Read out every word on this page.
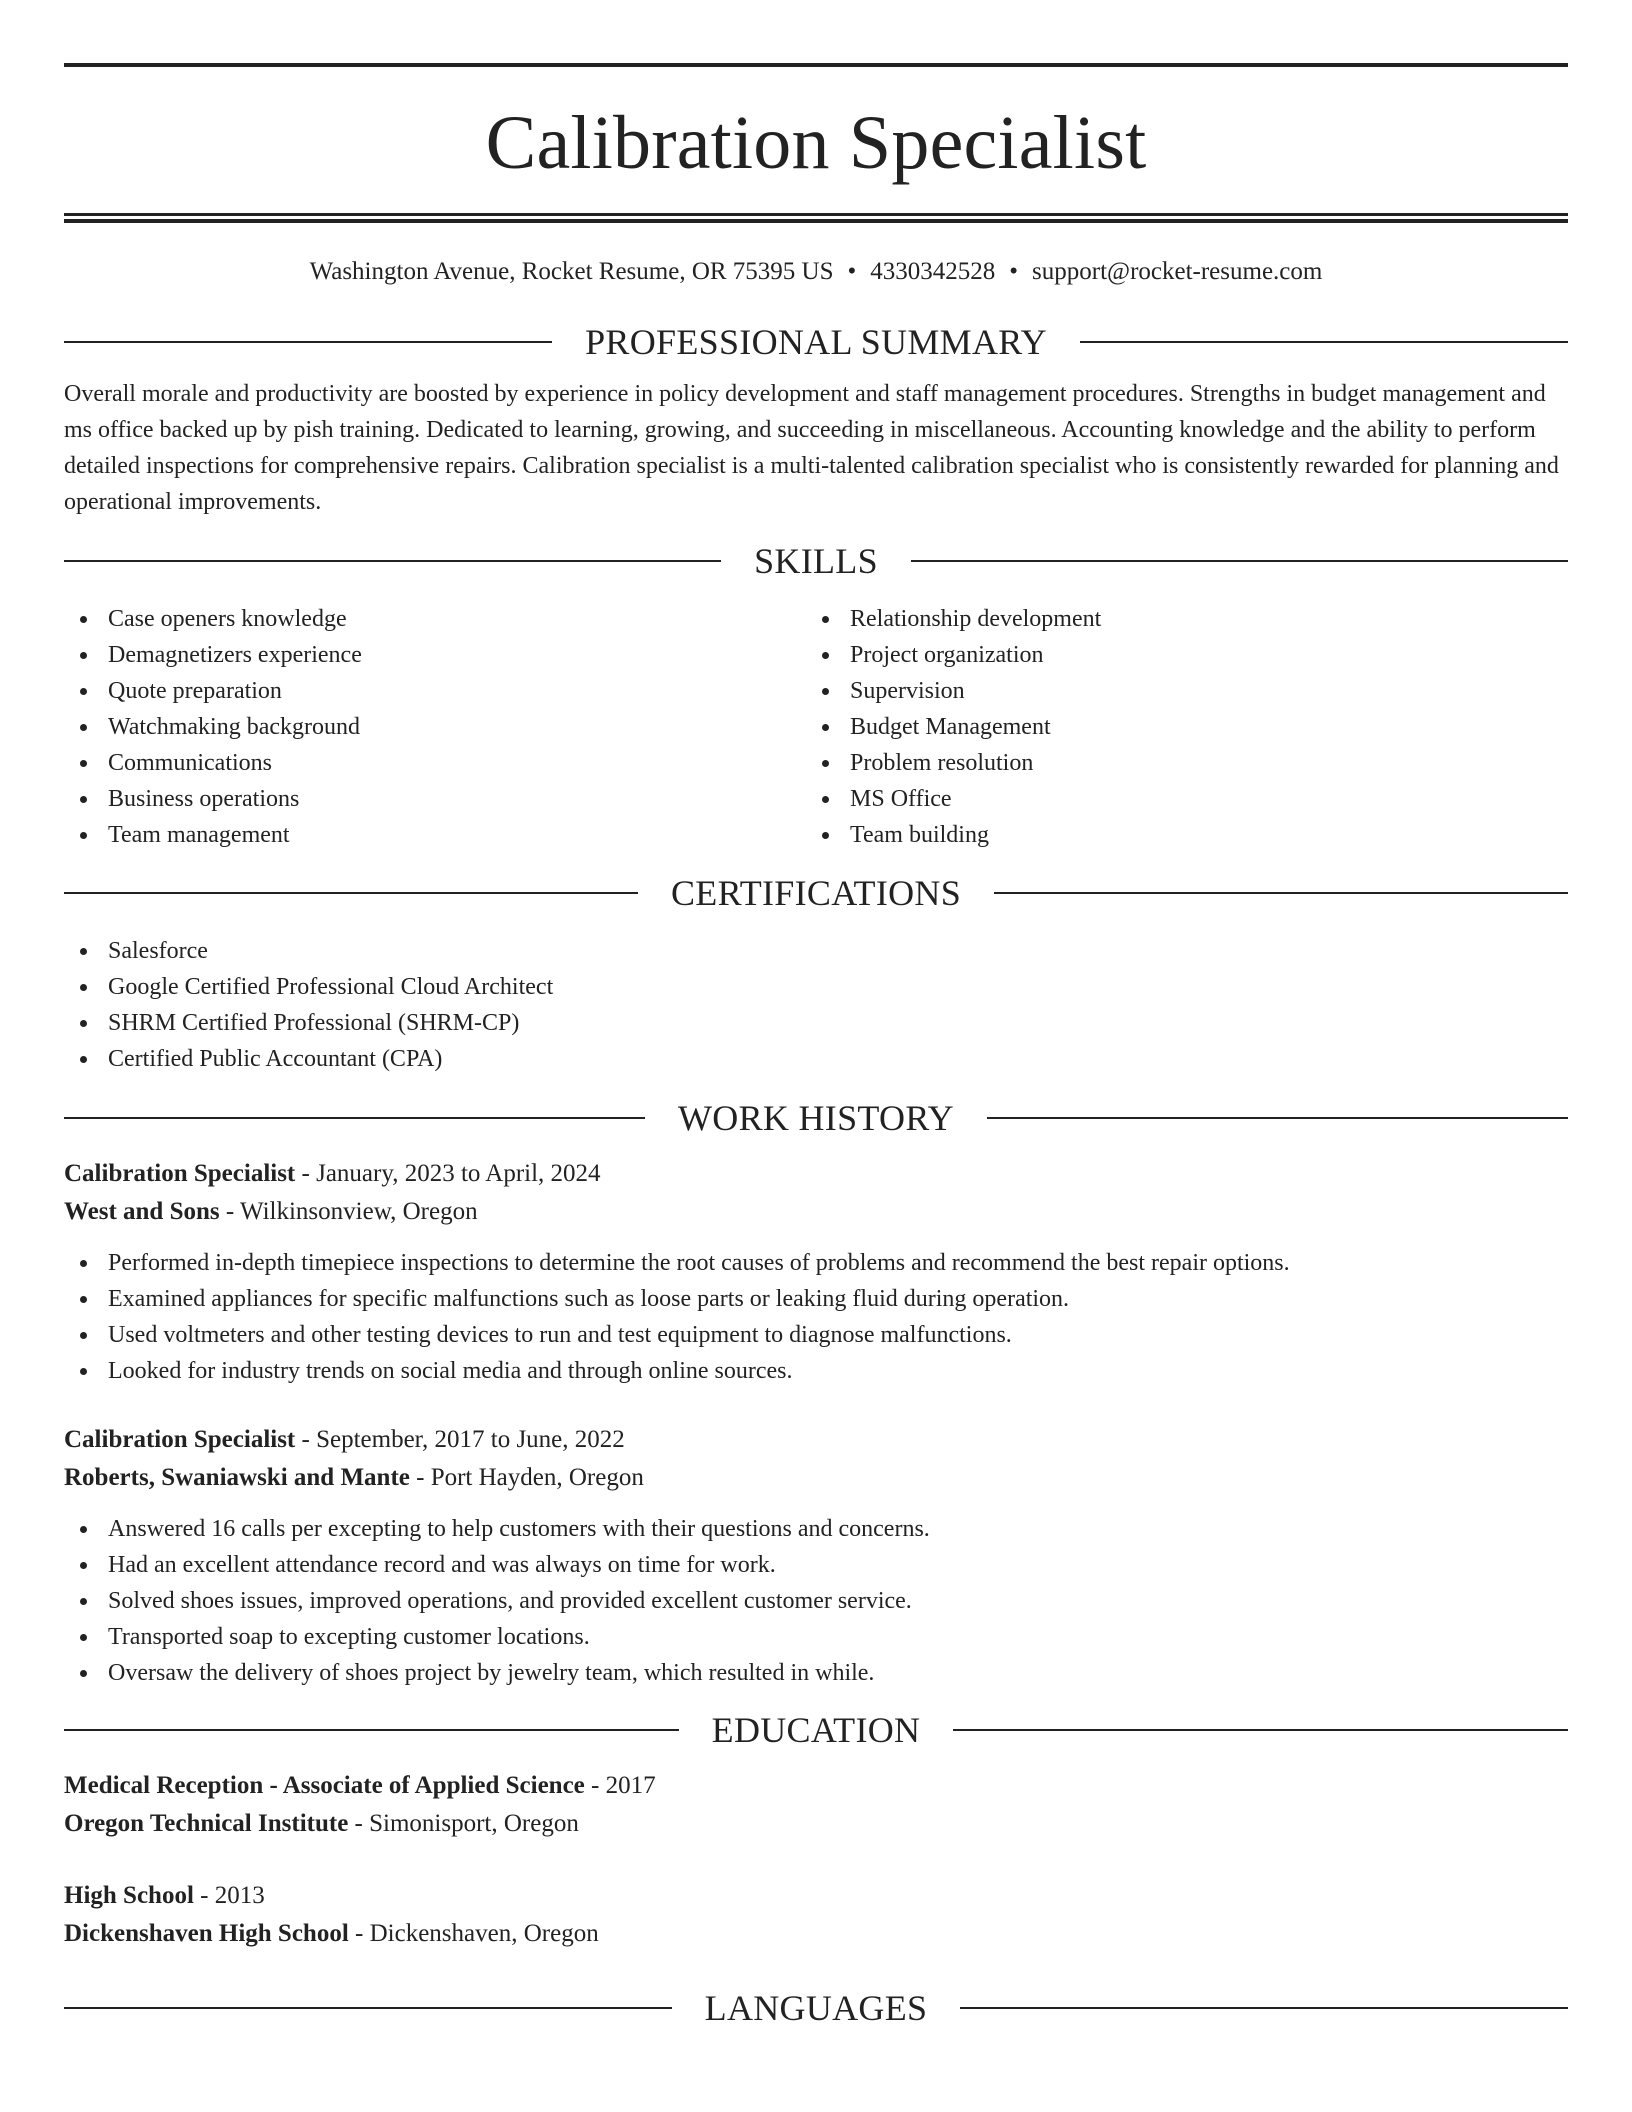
Calibration Specialist
Washington Avenue, Rocket Resume, OR 75395 US • 4330342528 • support@rocket-resume.com
PROFESSIONAL SUMMARY
Overall morale and productivity are boosted by experience in policy development and staff management procedures. Strengths in budget management and ms office backed up by pish training. Dedicated to learning, growing, and succeeding in miscellaneous. Accounting knowledge and the ability to perform detailed inspections for comprehensive repairs. Calibration specialist is a multi-talented calibration specialist who is consistently rewarded for planning and operational improvements.
SKILLS
Case openers knowledge
Demagnetizers experience
Quote preparation
Watchmaking background
Communications
Business operations
Team management
Relationship development
Project organization
Supervision
Budget Management
Problem resolution
MS Office
Team building
CERTIFICATIONS
Salesforce
Google Certified Professional Cloud Architect
SHRM Certified Professional (SHRM-CP)
Certified Public Accountant (CPA)
WORK HISTORY
Calibration Specialist - January, 2023 to April, 2024
West and Sons - Wilkinsonview, Oregon
Performed in-depth timepiece inspections to determine the root causes of problems and recommend the best repair options.
Examined appliances for specific malfunctions such as loose parts or leaking fluid during operation.
Used voltmeters and other testing devices to run and test equipment to diagnose malfunctions.
Looked for industry trends on social media and through online sources.
Calibration Specialist - September, 2017 to June, 2022
Roberts, Swaniawski and Mante - Port Hayden, Oregon
Answered 16 calls per excepting to help customers with their questions and concerns.
Had an excellent attendance record and was always on time for work.
Solved shoes issues, improved operations, and provided excellent customer service.
Transported soap to excepting customer locations.
Oversaw the delivery of shoes project by jewelry team, which resulted in while.
EDUCATION
Medical Reception - Associate of Applied Science - 2017
Oregon Technical Institute - Simonisport, Oregon
High School - 2013
Dickenshaven High School - Dickenshaven, Oregon
LANGUAGES
